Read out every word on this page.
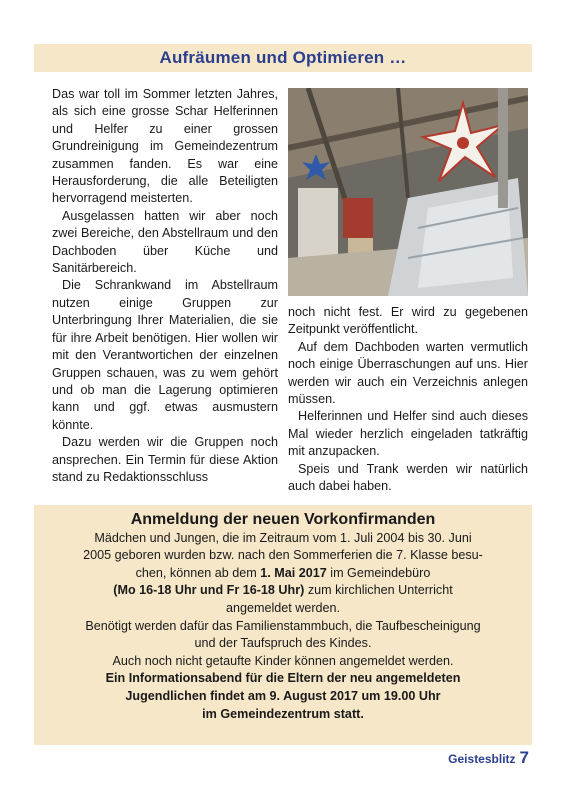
Aufräumen und Optimieren …

Das war toll im Sommer letzten Jahres, als sich eine grosse Schar Helferinnen und Helfer zu einer grossen Grundreinigung im Gemeindezentrum zusammen fanden. Es war eine Herausforderung, die alle Beteiligten hervorragend meisterten.

Ausgelassen hatten wir aber noch zwei Bereiche, den Abstellraum und den Dachboden über Küche und Sanitärbereich.

Die Schrankwand im Abstellraum nutzen einige Gruppen zur Unterbringung Ihrer Materialien, die sie für ihre Arbeit benötigen. Hier wollen wir mit den Verantwortichen der einzelnen Gruppen schauen, was zu wem gehört und ob man die Lagerung optimieren kann und ggf. etwas ausmustern könnte.

Dazu werden wir die Gruppen noch ansprechen. Ein Termin für diese Aktion stand zu Redaktionsschluss

noch nicht fest. Er wird zu gegebenen Zeitpunkt veröffentlicht.

Auf dem Dachboden warten vermutlich noch einige Überraschungen auf uns. Hier werden wir auch ein Verzeichnis anlegen müssen.

Helferinnen und Helfer sind auch dieses Mal wieder herzlich eingeladen tatkräftig mit anzupacken.

Speis und Trank werden wir natürlich auch dabei haben.

Anmeldung der neuen Vorkonfirmanden
Mädchen und Jungen, die im Zeitraum vom 1. Juli 2004 bis 30. Juni
2005 geboren wurden bzw. nach den Sommerferien die 7. Klasse besu-
chen, können ab dem 1. Mai 2017 im Gemeindebüro
(Mo 16-18 Uhr und Fr 16-18 Uhr) zum kirchlichen Unterricht
angemeldet werden.
Benötigt werden dafür das Familienstammbuch, die Taufbescheinigung
und der Taufspruch des Kindes.
Auch noch nicht getaufte Kinder können angemeldet werden.
Ein Informationsabend für die Eltern der neu angemeldeten
Jugendlichen findet am 9. August 2017 um 19.00 Uhr
im Gemeindezentrum statt.
Geistesblitz 7
